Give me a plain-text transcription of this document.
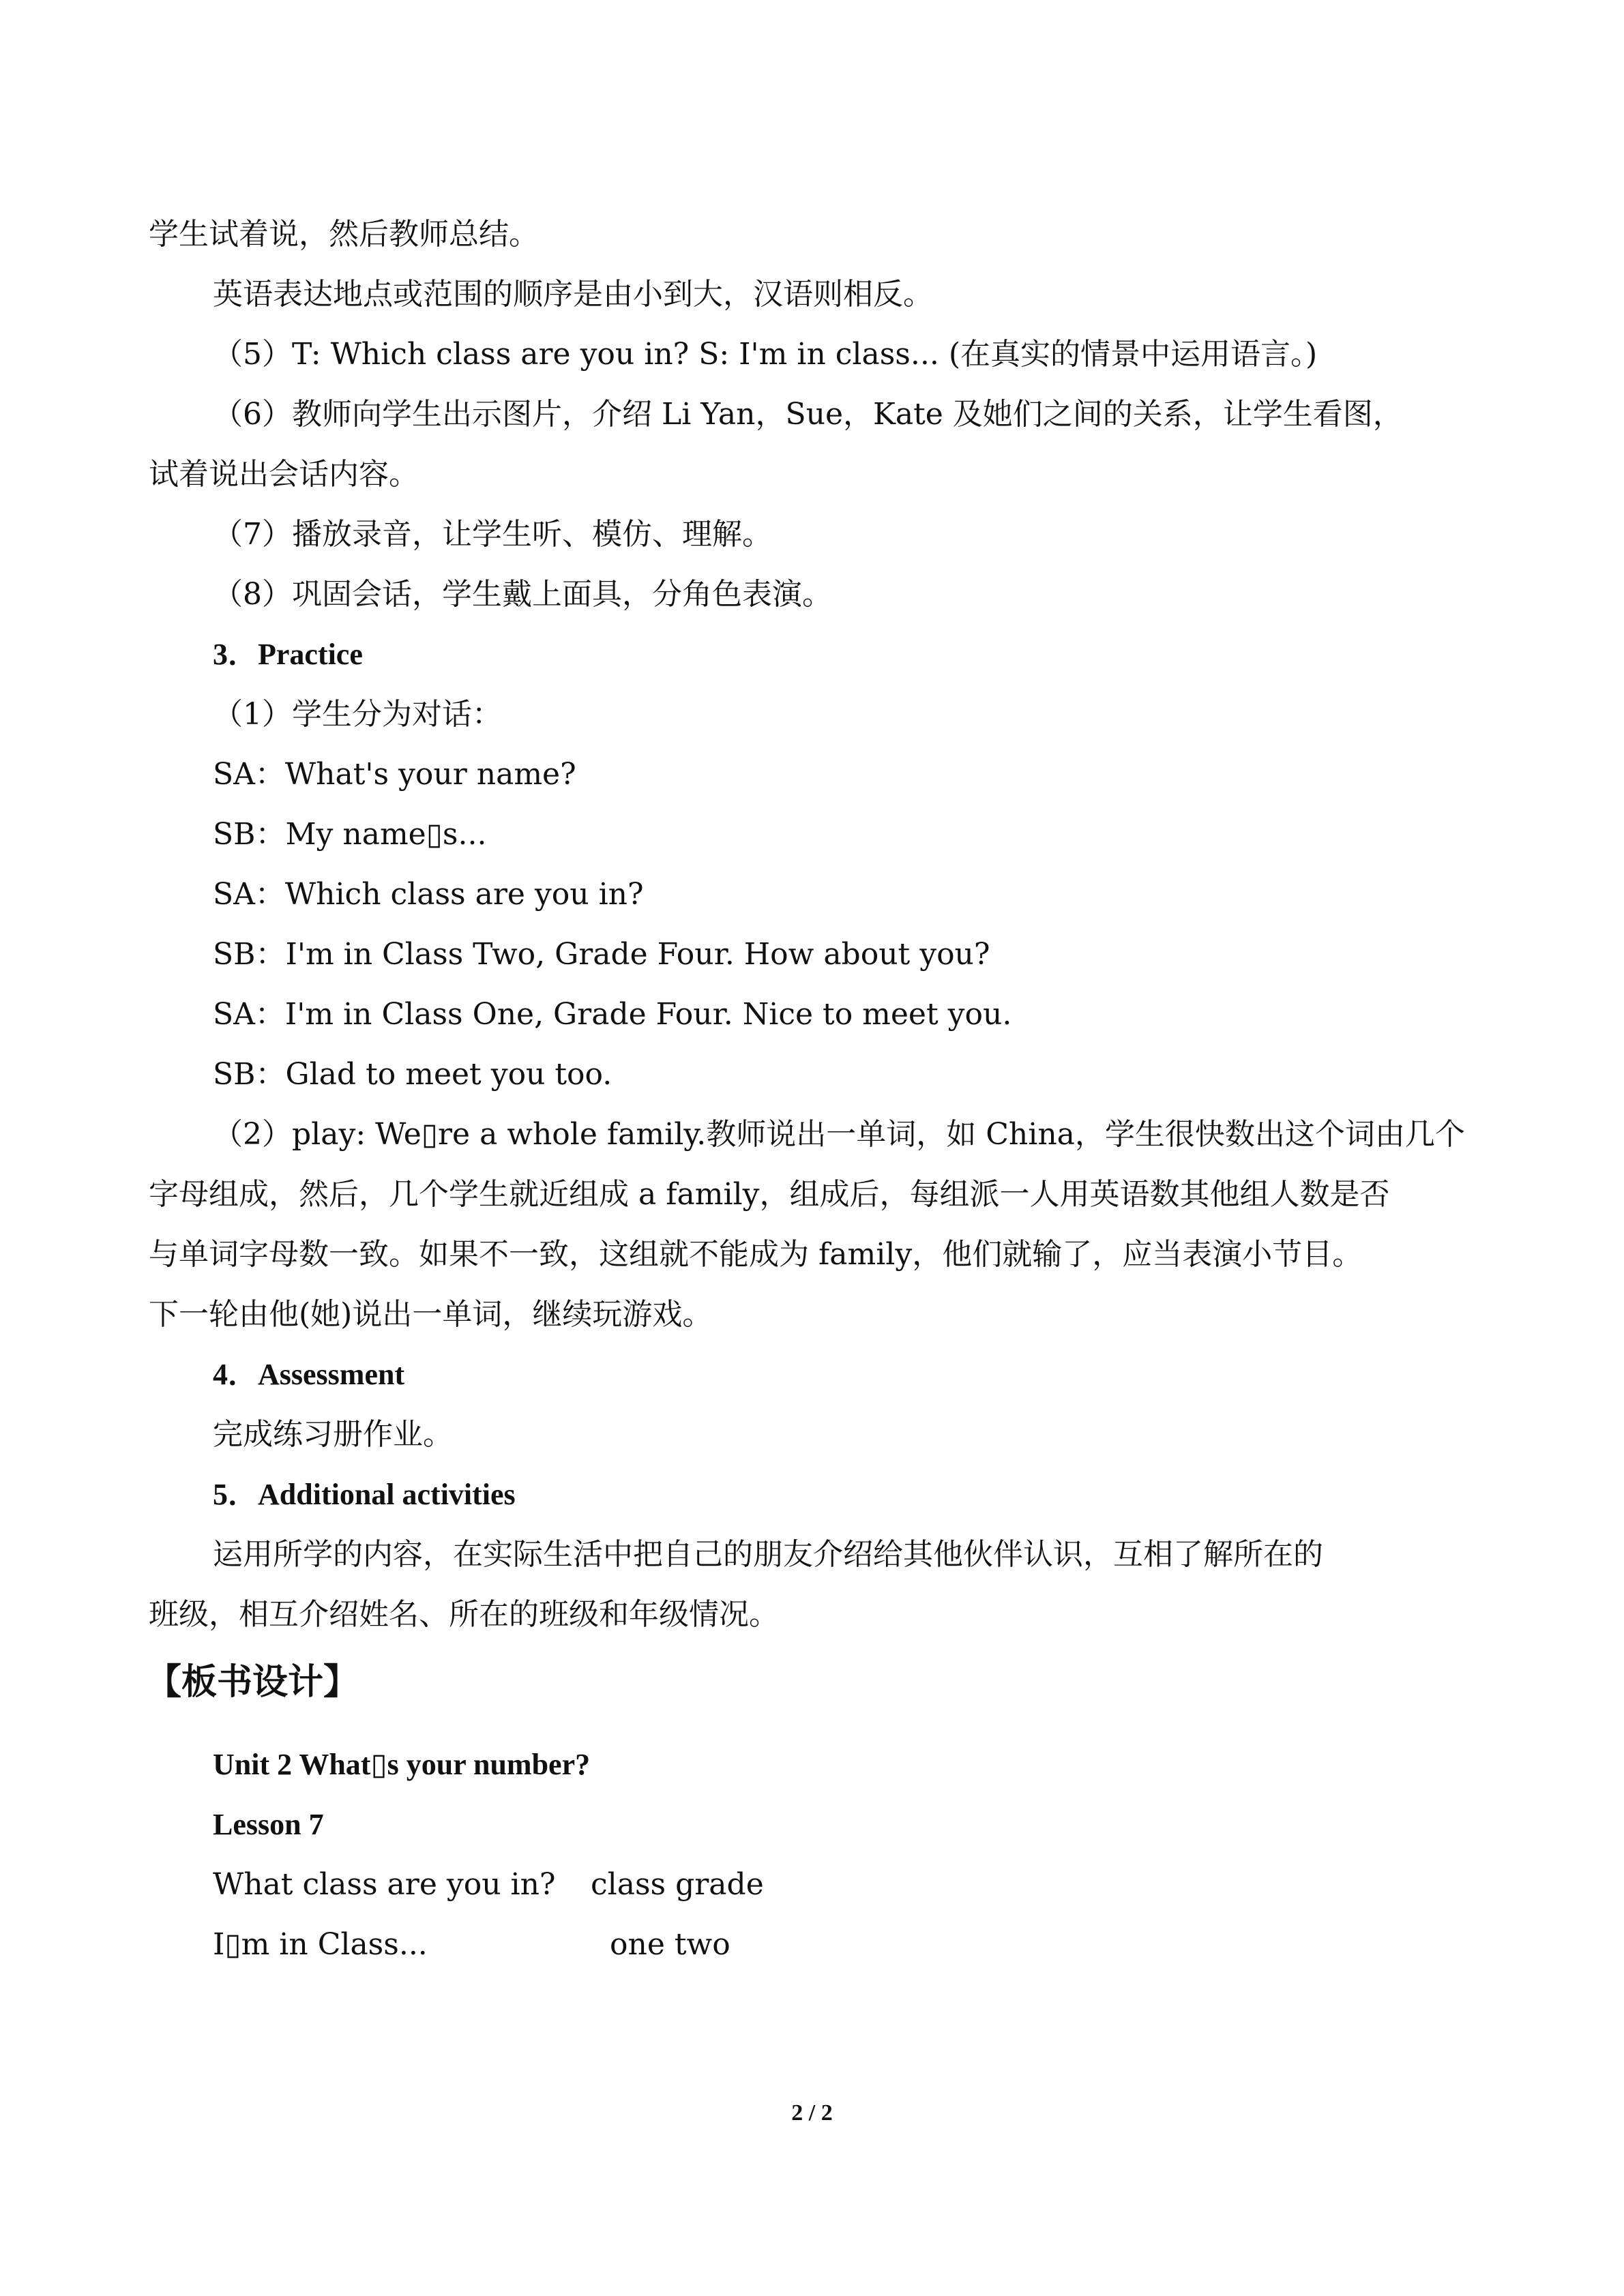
学生试着说，然后教师总结。
英语表达地点或范围的顺序是由小到大，汉语则相反。
（5）T: Which class are you in? S: I'm in class... (在真实的情景中运用语言。)
（6）教师向学生出示图片，介绍 Li Yan，Sue，Kate 及她们之间的关系，让学生看图，
试着说出会话内容。
（7）播放录音，让学生听、模仿、理解。
（8）巩固会话，学生戴上面具，分角色表演。
3．Practice
（1）学生分为对话：
SA：What's your name?
SB：My name▯s...
SA：Which class are you in?
SB：I'm in Class Two, Grade Four. How about you?
SA：I'm in Class One, Grade Four. Nice to meet you.
SB：Glad to meet you too.
（2）play: We▯re a whole family.教师说出一单词，如 China，学生很快数出这个词由几个
字母组成，然后，几个学生就近组成 a family，组成后，每组派一人用英语数其他组人数是否
与单词字母数一致。如果不一致，这组就不能成为 family，他们就输了，应当表演小节目。
下一轮由他(她)说出一单词，继续玩游戏。
4．Assessment
完成练习册作业。
5．Additional activities
运用所学的内容，在实际生活中把自己的朋友介绍给其他伙伴认识，互相了解所在的
班级，相互介绍姓名、所在的班级和年级情况。
【板书设计】
Unit 2 What▯s your number?
Lesson 7
What class are you in? class grade
I▯m in Class...	one two
2 / 2
